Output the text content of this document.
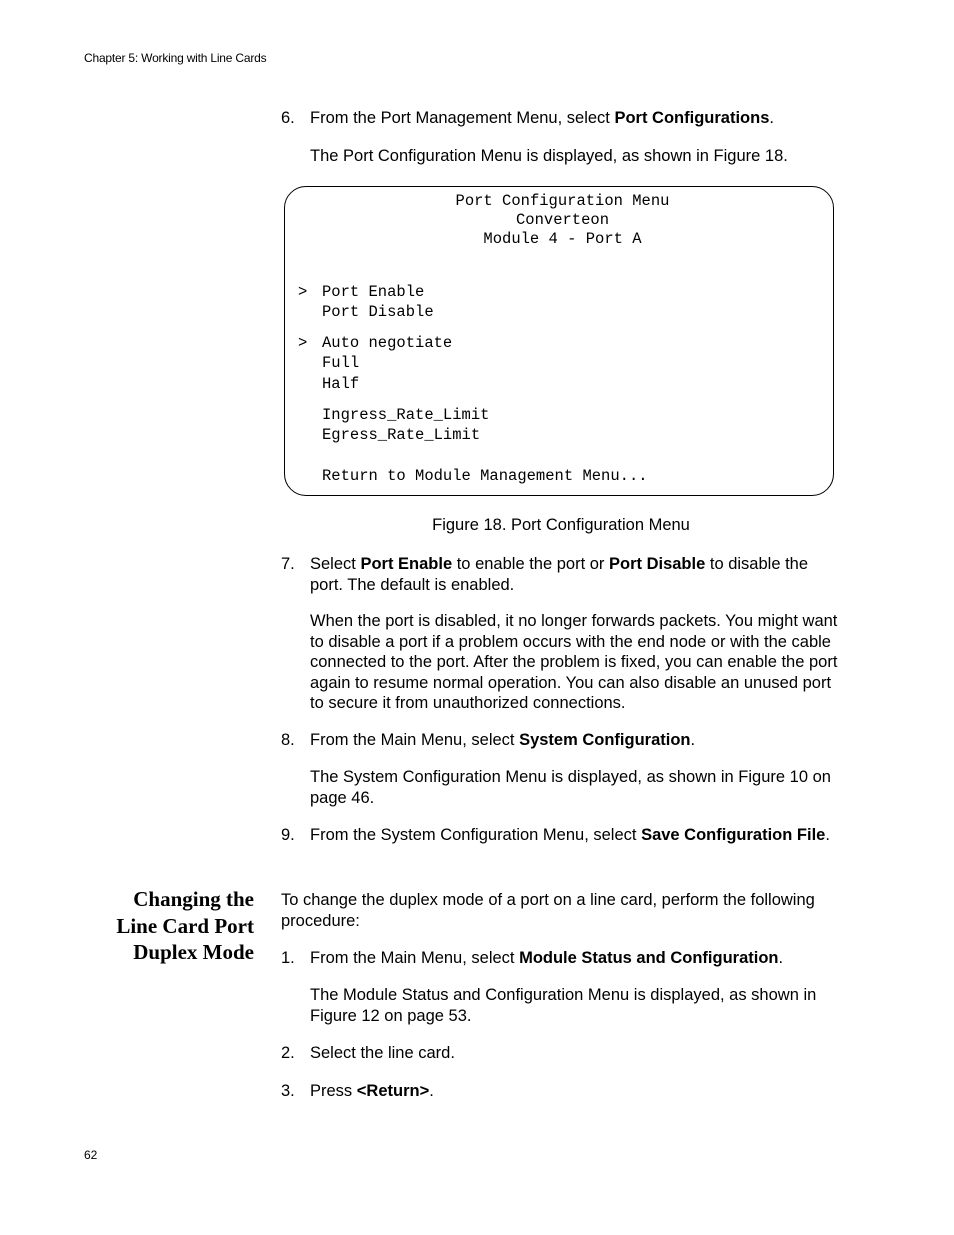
Chapter 5: Working with Line Cards
6. From the Port Management Menu, select Port Configurations.
The Port Configuration Menu is displayed, as shown in Figure 18.
Port Configuration Menu
Converteon
Module 4 - Port A
> Port Enable
Port Disable
> Auto negotiate
Full
Half
Ingress_Rate_Limit
Egress_Rate_Limit
Return to Module Management Menu...
Figure 18. Port Configuration Menu
7. Select Port Enable to enable the port or Port Disable to disable the port. The default is enabled.
When the port is disabled, it no longer forwards packets. You might want to disable a port if a problem occurs with the end node or with the cable connected to the port. After the problem is fixed, you can enable the port again to resume normal operation. You can also disable an unused port to secure it from unauthorized connections.
8. From the Main Menu, select System Configuration.
The System Configuration Menu is displayed, as shown in Figure 10 on page 46.
9. From the System Configuration Menu, select Save Configuration File.
Changing the
Line Card Port
Duplex Mode
To change the duplex mode of a port on a line card, perform the following procedure:
1. From the Main Menu, select Module Status and Configuration.
The Module Status and Configuration Menu is displayed, as shown in Figure 12 on page 53.
2. Select the line card.
3. Press <Return>.
62
